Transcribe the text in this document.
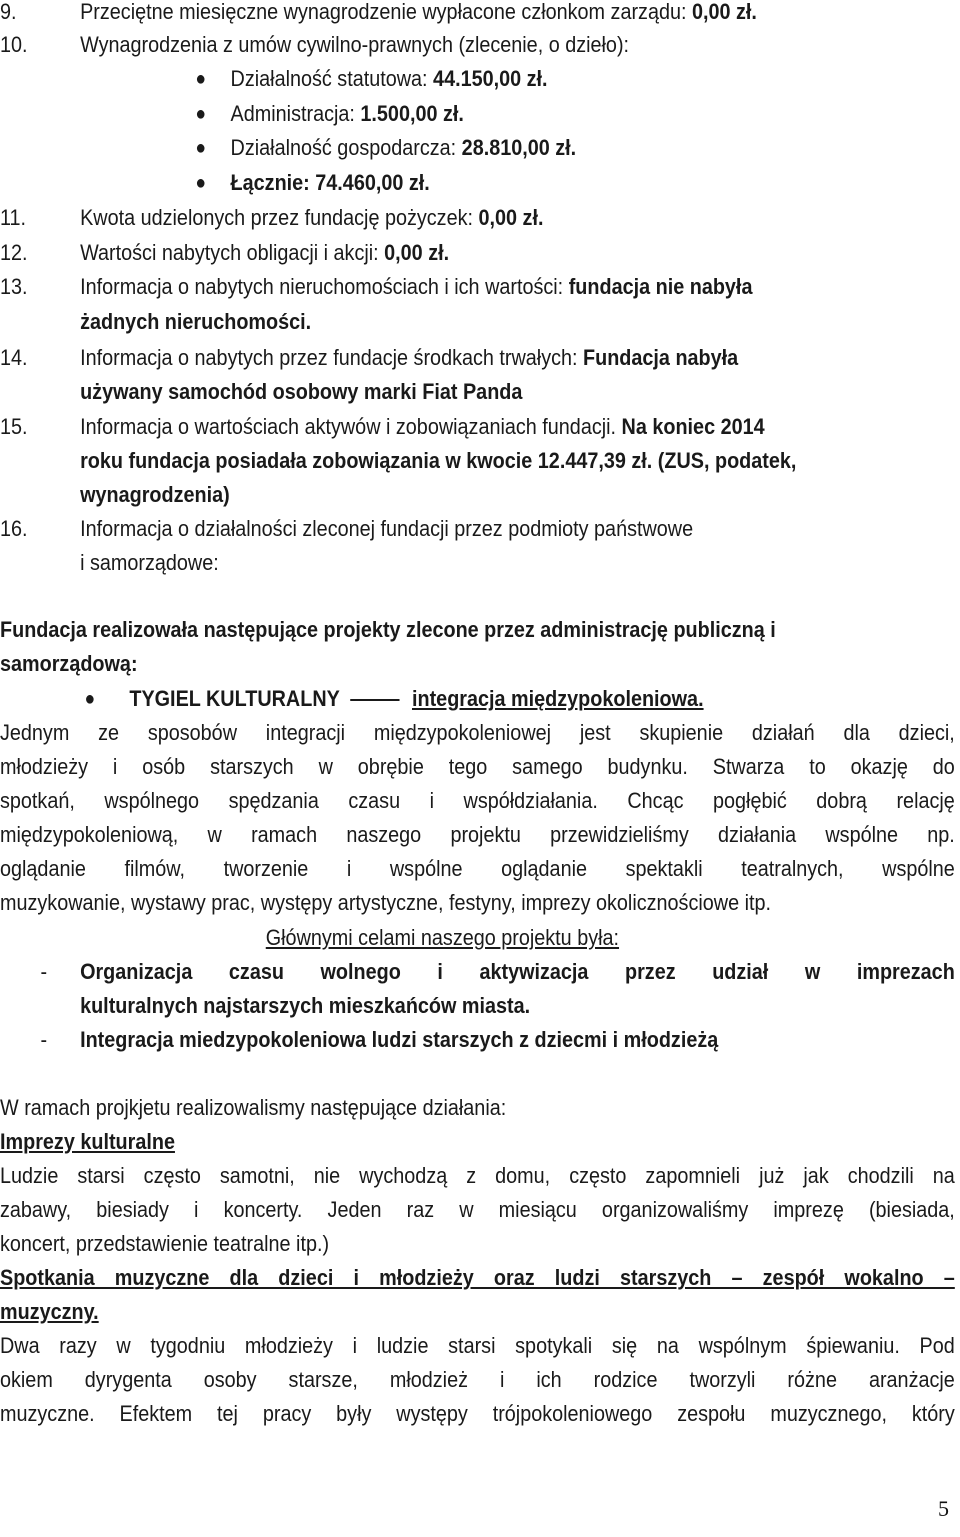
9.	Przeciętne miesięczne wynagrodzenie wypłacone członkom zarządu: 0,00 zł.
10. Wynagrodzenia z umów cywilno-prawnych (zlecenie, o dzieło):
● Działalność statutowa: 44.150,00 zł.
● Administracja: 1.500,00 zł.
● Działalność gospodarcza: 28.810,00 zł.
● Łącznie: 74.460,00 zł.
11. Kwota udzielonych przez fundację pożyczek: 0,00 zł.
12. Wartości nabytych obligacji i akcji: 0,00 zł.
13. Informacja o nabytych nieruchomościach i ich wartości: fundacja nie nabyła
żadnych nieruchomości.
14. Informacja o nabytych przez fundacje środkach trwałych: Fundacja nabyła
używany samochód osobowy marki Fiat Panda
15. Informacja o wartościach aktywów i zobowiązaniach fundacji. Na koniec 2014
roku fundacja posiadała zobowiązania w kwocie 12.447,39 zł. (ZUS, podatek,
wynagrodzenia)
16. Informacja o działalności zleconej fundacji przez podmioty państwowe
i samorządowe:
Fundacja realizowała następujące projekty zlecone przez administrację publiczną i
samorządową:
● TYGIEL KULTURALNY	integracja międzypokoleniowa.
Jednym ze sposobów integracji międzypokoleniowej jest skupienie działań dla dzieci,
młodzieży i osób starszych w obrębie tego samego budynku. Stwarza to okazję do
spotkań, wspólnego spędzania czasu i współdziałania. Chcąc pogłębić dobrą relację
międzypokoleniową, w ramach naszego projektu przewidzieliśmy działania wspólne np.
oglądanie filmów, tworzenie i wspólne oglądanie spektakli teatralnych, wspólne
muzykowanie, wystawy prac, występy artystyczne, festyny, imprezy okolicznościowe itp.
Głównymi celami naszego projektu była:
- Organizacja czasu wolnego i aktywizacja przez udział w imprezach
kulturalnych najstarszych mieszkańców miasta.
- Integracja miedzypokoleniowa ludzi starszych z dziecmi i młodzieżą
W ramach projkjetu realizowalismy następujące działania:
Imprezy kulturalne
Ludzie starsi często samotni, nie wychodzą z domu, często zapomnieli już jak chodzili na
zabawy, biesiady i koncerty. Jeden raz w miesiącu organizowaliśmy imprezę (biesiada,
koncert, przedstawienie teatralne itp.)
Spotkania muzyczne dla dzieci i młodzieży oraz ludzi starszych – zespół wokalno –
muzyczny.
Dwa razy w tygodniu młodzieży i ludzie starsi spotykali się na wspólnym śpiewaniu. Pod
okiem dyrygenta osoby starsze, młodzież i ich rodzice tworzyli różne aranżacje
muzyczne. Efektem tej pracy były występy trójpokoleniowego zespołu muzycznego, który
5
